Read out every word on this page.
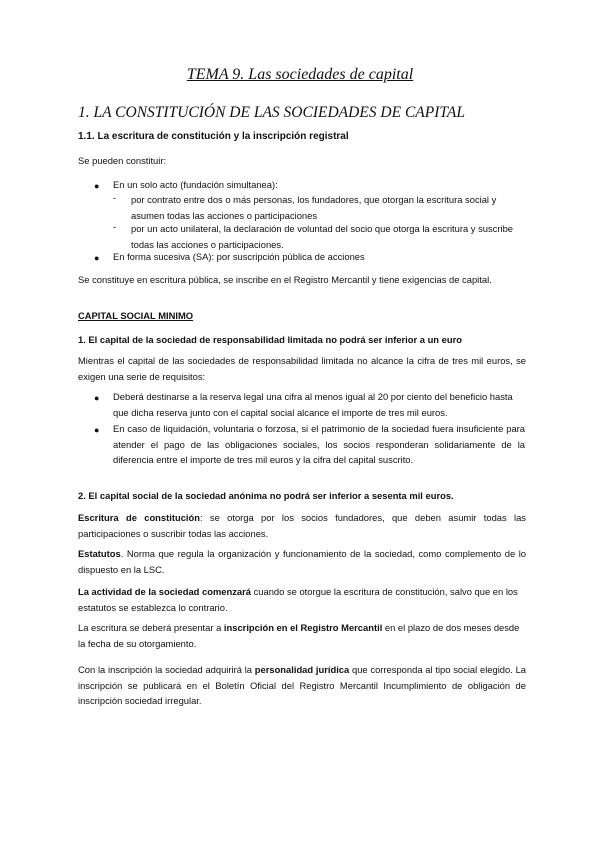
TEMA 9. Las sociedades de capital
1. LA CONSTITUCIÓN DE LAS SOCIEDADES DE CAPITAL
1.1. La escritura de constitución y la inscripción registral
Se pueden constituir:
● En un solo acto (fundación simultanea):
- por contrato entre dos o más personas, los fundadores, que otorgan la escritura social y asumen todas las acciones o participaciones
- por un acto unilateral, la declaración de voluntad del socio que otorga la escritura y suscribe todas las acciones o participaciones.
● En forma sucesiva (SA): por suscripción pública de acciones
Se constituye en escritura pública, se inscribe en el Registro Mercantil y tiene exigencias de capital.
CAPITAL SOCIAL MINIMO
1. El capital de la sociedad de responsabilidad limitada no podrá ser inferior a un euro
Mientras el capital de las sociedades de responsabilidad limitada no alcance la cifra de tres mil euros, se exigen una serie de requisitos:
● Deberá destinarse a la reserva legal una cifra al menos igual al 20 por ciento del beneficio hasta que dicha reserva junto con el capital social alcance el importe de tres mil euros.
● En caso de liquidación, voluntaria o forzosa, si el patrimonio de la sociedad fuera insuficiente para atender el pago de las obligaciones sociales, los socios responderan solidariamente de la diferencia entre el importe de tres mil euros y la cifra del capital suscrito.
2. El capital social de la sociedad anónima no podrá ser inferior a sesenta mil euros.
Escritura de constitución: se otorga por los socios fundadores, que deben asumir todas las participaciones o suscribir todas las acciones.
Estatutos. Norma que regula la organización y funcionamiento de la sociedad, como complemento de lo dispuesto en la LSC.
La actividad de la sociedad comenzará cuando se otorgue la escritura de constitución, salvo que en los estatutos se establezca lo contrario.
La escritura se deberá presentar a inscripción en el Registro Mercantil en el plazo de dos meses desde la fecha de su otorgamiento.
Con la inscripción la sociedad adquirirá la personalidad jurídica que corresponda al tipo social elegido. La inscripción se publicará en el Boletín Oficial del Registro Mercantil Incumplimiento de obligación de inscripción sociedad irregular.
